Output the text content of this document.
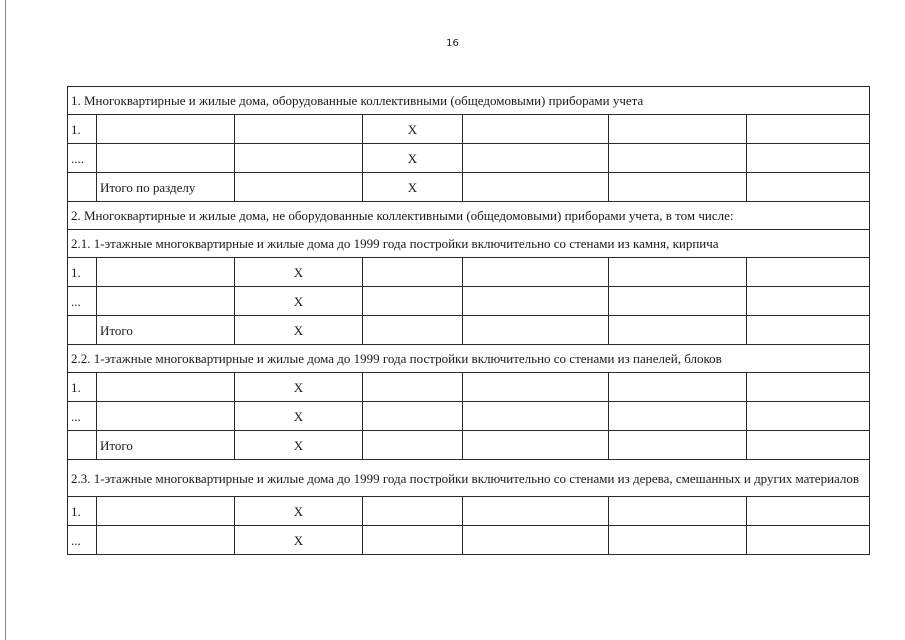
16
1. Многоквартирные и жилые дома, оборудованные коллективными (общедомовыми) приборами учета						
1.			X			
....			X			
	Итого по разделу		X			
2. Многоквартирные и жилые дома, не оборудованные коллективными (общедомовыми) приборами учета, в том числе:						
2.1. 1-этажные многоквартирные и жилые дома до 1999 года постройки включительно со стенами из камня, кирпича						
1.		X				
...		X				
	Итого	X				
2.2. 1-этажные многоквартирные и жилые дома до 1999 года постройки включительно со стенами из панелей, блоков						
1.		X				
...		X				
	Итого	X				
2.3. 1-этажные многоквартирные и жилые дома до 1999 года постройки включительно со стенами из дерева, смешанных и других материалов						
1.		X				
...		X				
